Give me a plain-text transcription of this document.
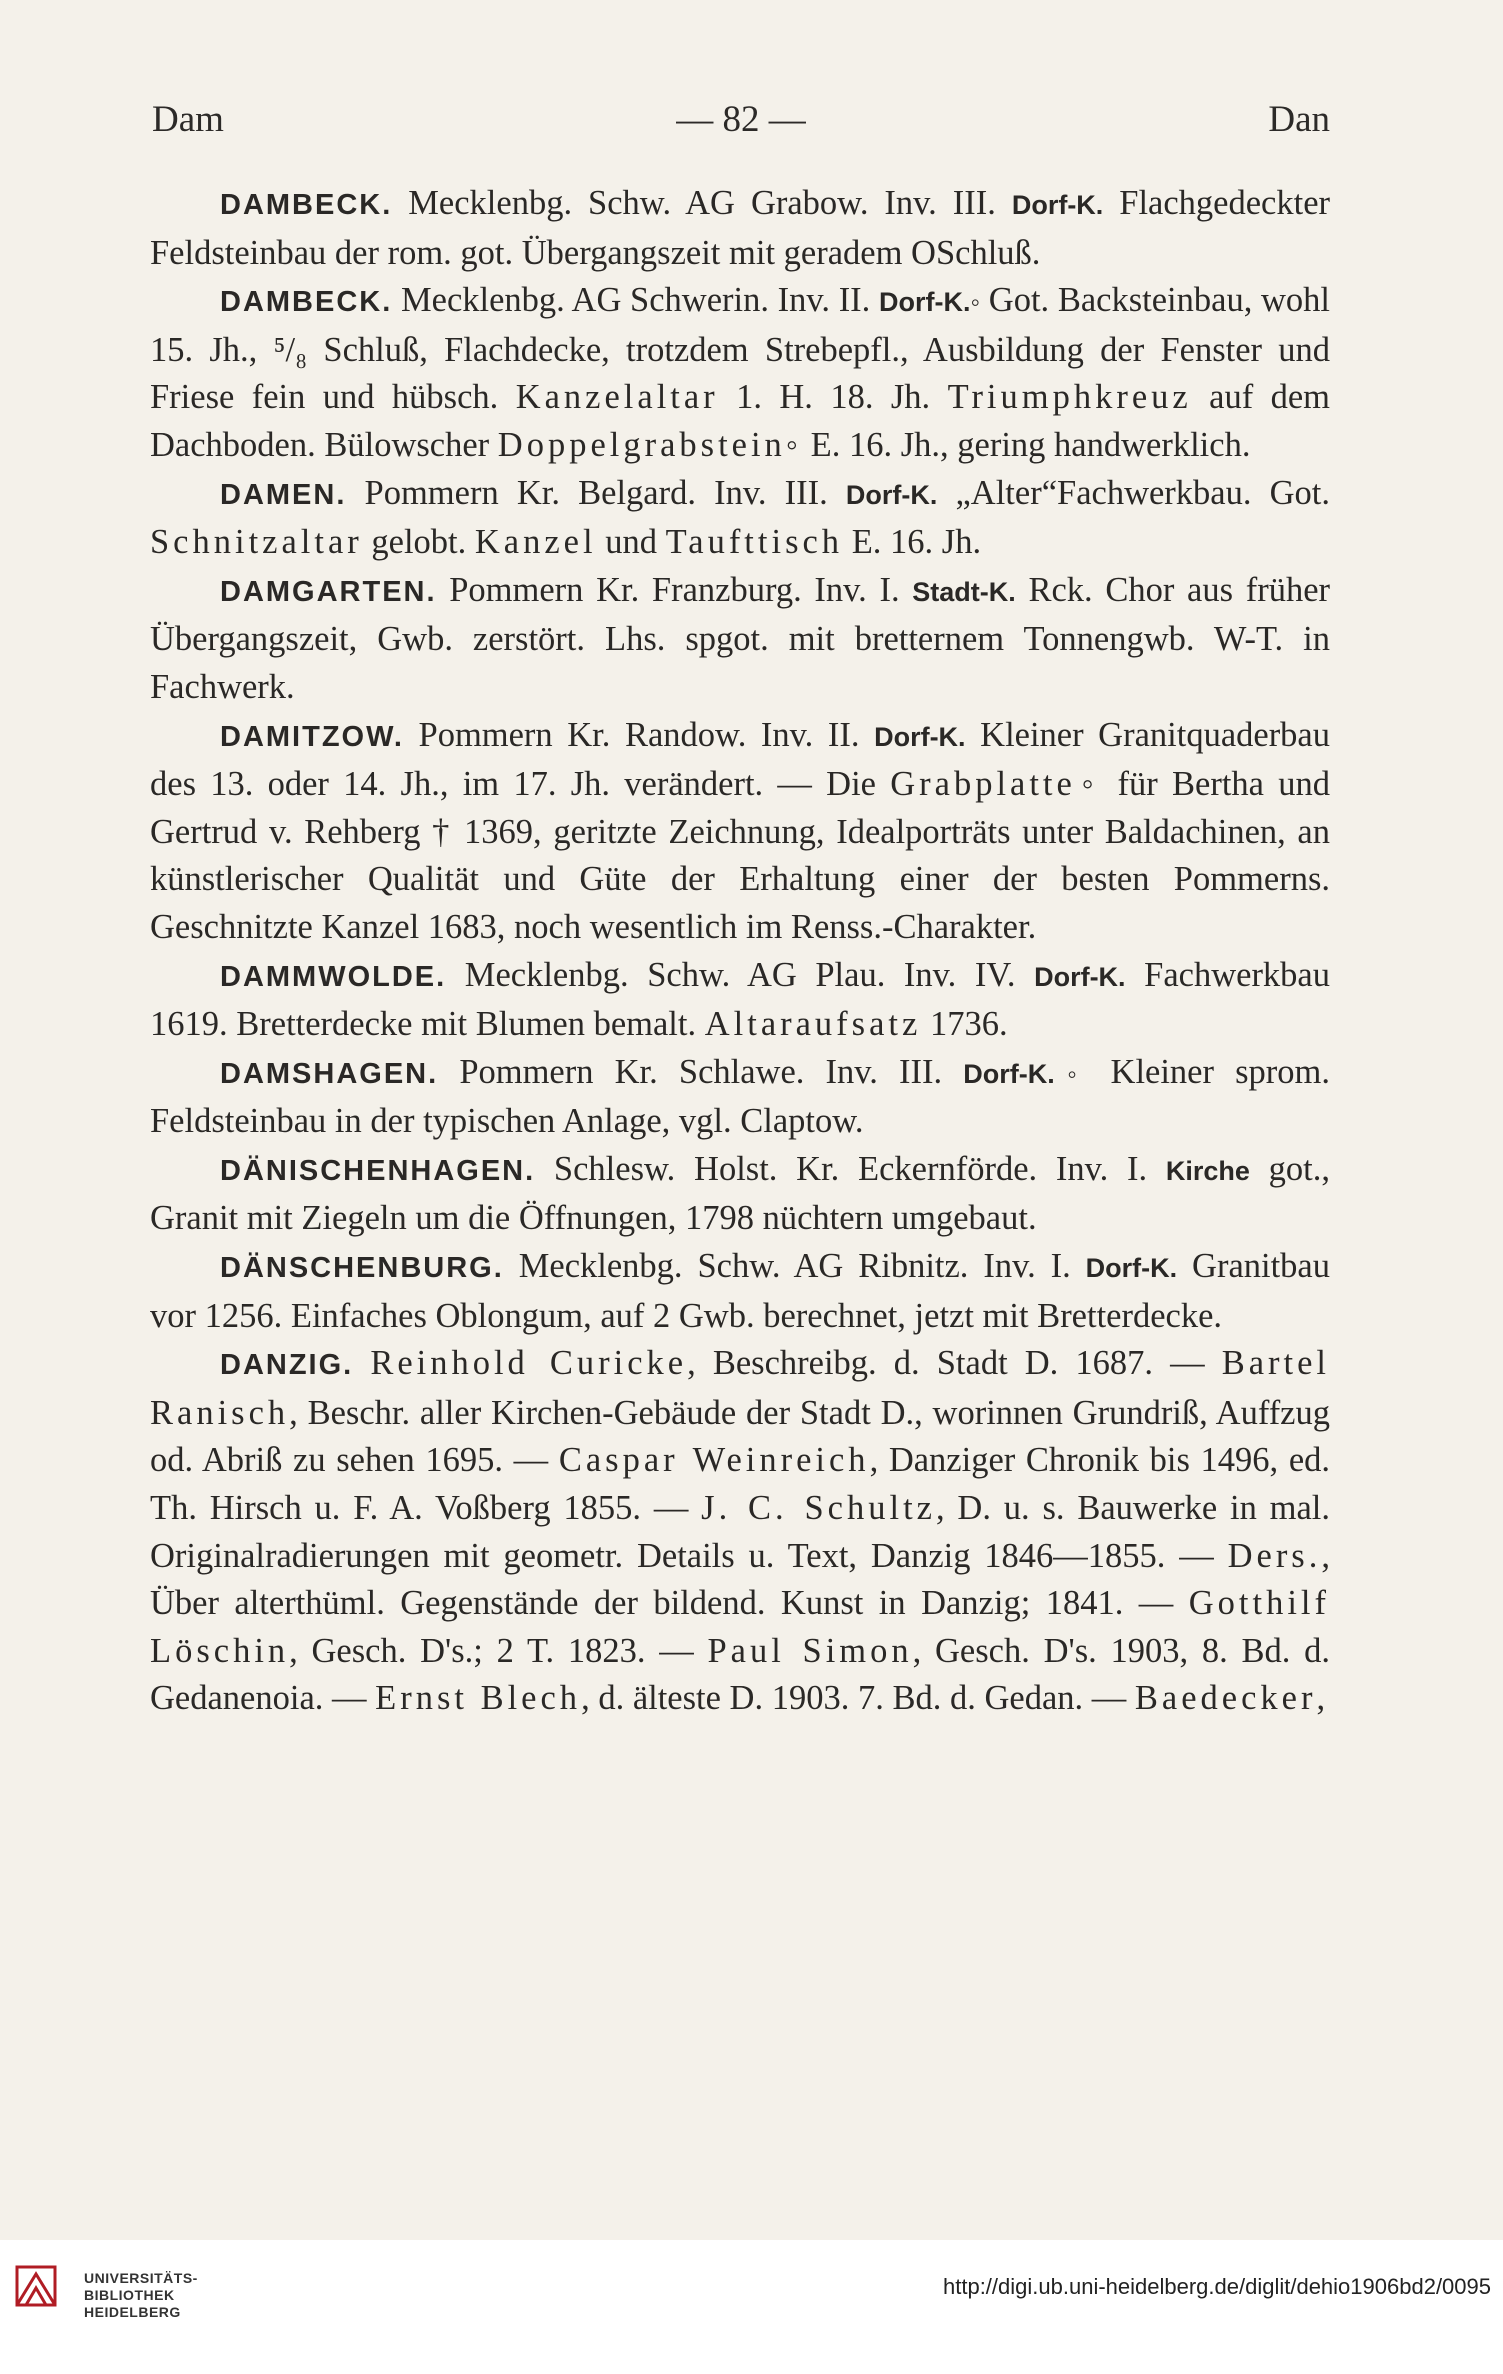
Dam	— 82 —	Dan
DAMBECK. Mecklenbg. Schw. AG Grabow. Inv. III. Dorf-K. Flachgedeckter Feldsteinbau der rom. got. Übergangszeit mit geradem OSchluß.
DAMBECK. Mecklenbg. AG Schwerin. Inv. II. Dorf-K.◦ Got. Backsteinbau, wohl 15. Jh., ⁵/₈ Schluß, Flachdecke, trotzdem Strebepfl., Ausbildung der Fenster und Friese fein und hübsch. Kanzelaltar 1. H. 18. Jh. Triumphkreuz auf dem Dachboden. Bülowscher Doppelgrabstein◦ E. 16. Jh., gering handwerklich.
DAMEN. Pommern Kr. Belgard. Inv. III. Dorf-K. „Alter“Fachwerkbau. Got. Schnitzaltar gelobt. Kanzel und Taufttisch E. 16. Jh.
DAMGARTEN. Pommern Kr. Franzburg. Inv. I. Stadt-K. Rck. Chor aus früher Übergangszeit, Gwb. zerstört. Lhs. spgot. mit bretternem Tonnengwb. W-T. in Fachwerk.
DAMITZOW. Pommern Kr. Randow. Inv. II. Dorf-K. Kleiner Granitquaderbau des 13. oder 14. Jh., im 17. Jh. verändert. — Die Grabplatte◦ für Bertha und Gertrud v. Rehberg † 1369, geritzte Zeichnung, Idealporträts unter Baldachinen, an künstlerischer Qualität und Güte der Erhaltung einer der besten Pommerns. Geschnitzte Kanzel 1683, noch wesentlich im Renss.-Charakter.
DAMMWOLDE. Mecklenbg. Schw. AG Plau. Inv. IV. Dorf-K. Fachwerkbau 1619. Bretterdecke mit Blumen bemalt. Altaraufsatz 1736.
DAMSHAGEN. Pommern Kr. Schlawe. Inv. III. Dorf-K.◦ Kleiner sprom. Feldsteinbau in der typischen Anlage, vgl. Claptow.
DÄNISCHENHAGEN. Schlesw. Holst. Kr. Eckernförde. Inv. I. Kirche got., Granit mit Ziegeln um die Öffnungen, 1798 nüchtern umgebaut.
DÄNSCHENBURG. Mecklenbg. Schw. AG Ribnitz. Inv. I. Dorf-K. Granitbau vor 1256. Einfaches Oblongum, auf 2 Gwb. berechnet, jetzt mit Bretterdecke.
DANZIG. Reinhold Curicke, Beschreibg. d. Stadt D. 1687. — Bartel Ranisch, Beschr. aller Kirchen-Gebäude der Stadt D., worinnen Grundriß, Auffzug od. Abriß zu sehen 1695. — Caspar Weinreich, Danziger Chronik bis 1496, ed. Th. Hirsch u. F. A. Voßberg 1855. — J. C. Schultz, D. u. s. Bauwerke in mal. Originalradierungen mit geometr. Details u. Text, Danzig 1846—1855. — Ders., Über alterthüml. Gegenstände der bildend. Kunst in Danzig; 1841. — Gotthilf Löschin, Gesch. D's.; 2 T. 1823. — Paul Simon, Gesch. D's. 1903, 8. Bd. d. Gedanenoia. — Ernst Blech, d. älteste D. 1903. 7. Bd. d. Gedan. — Baedecker,
UNIVERSITÄTS-
BIBLIOTHEK
HEIDELBERG
http://digi.ub.uni-heidelberg.de/diglit/dehio1906bd2/0095
